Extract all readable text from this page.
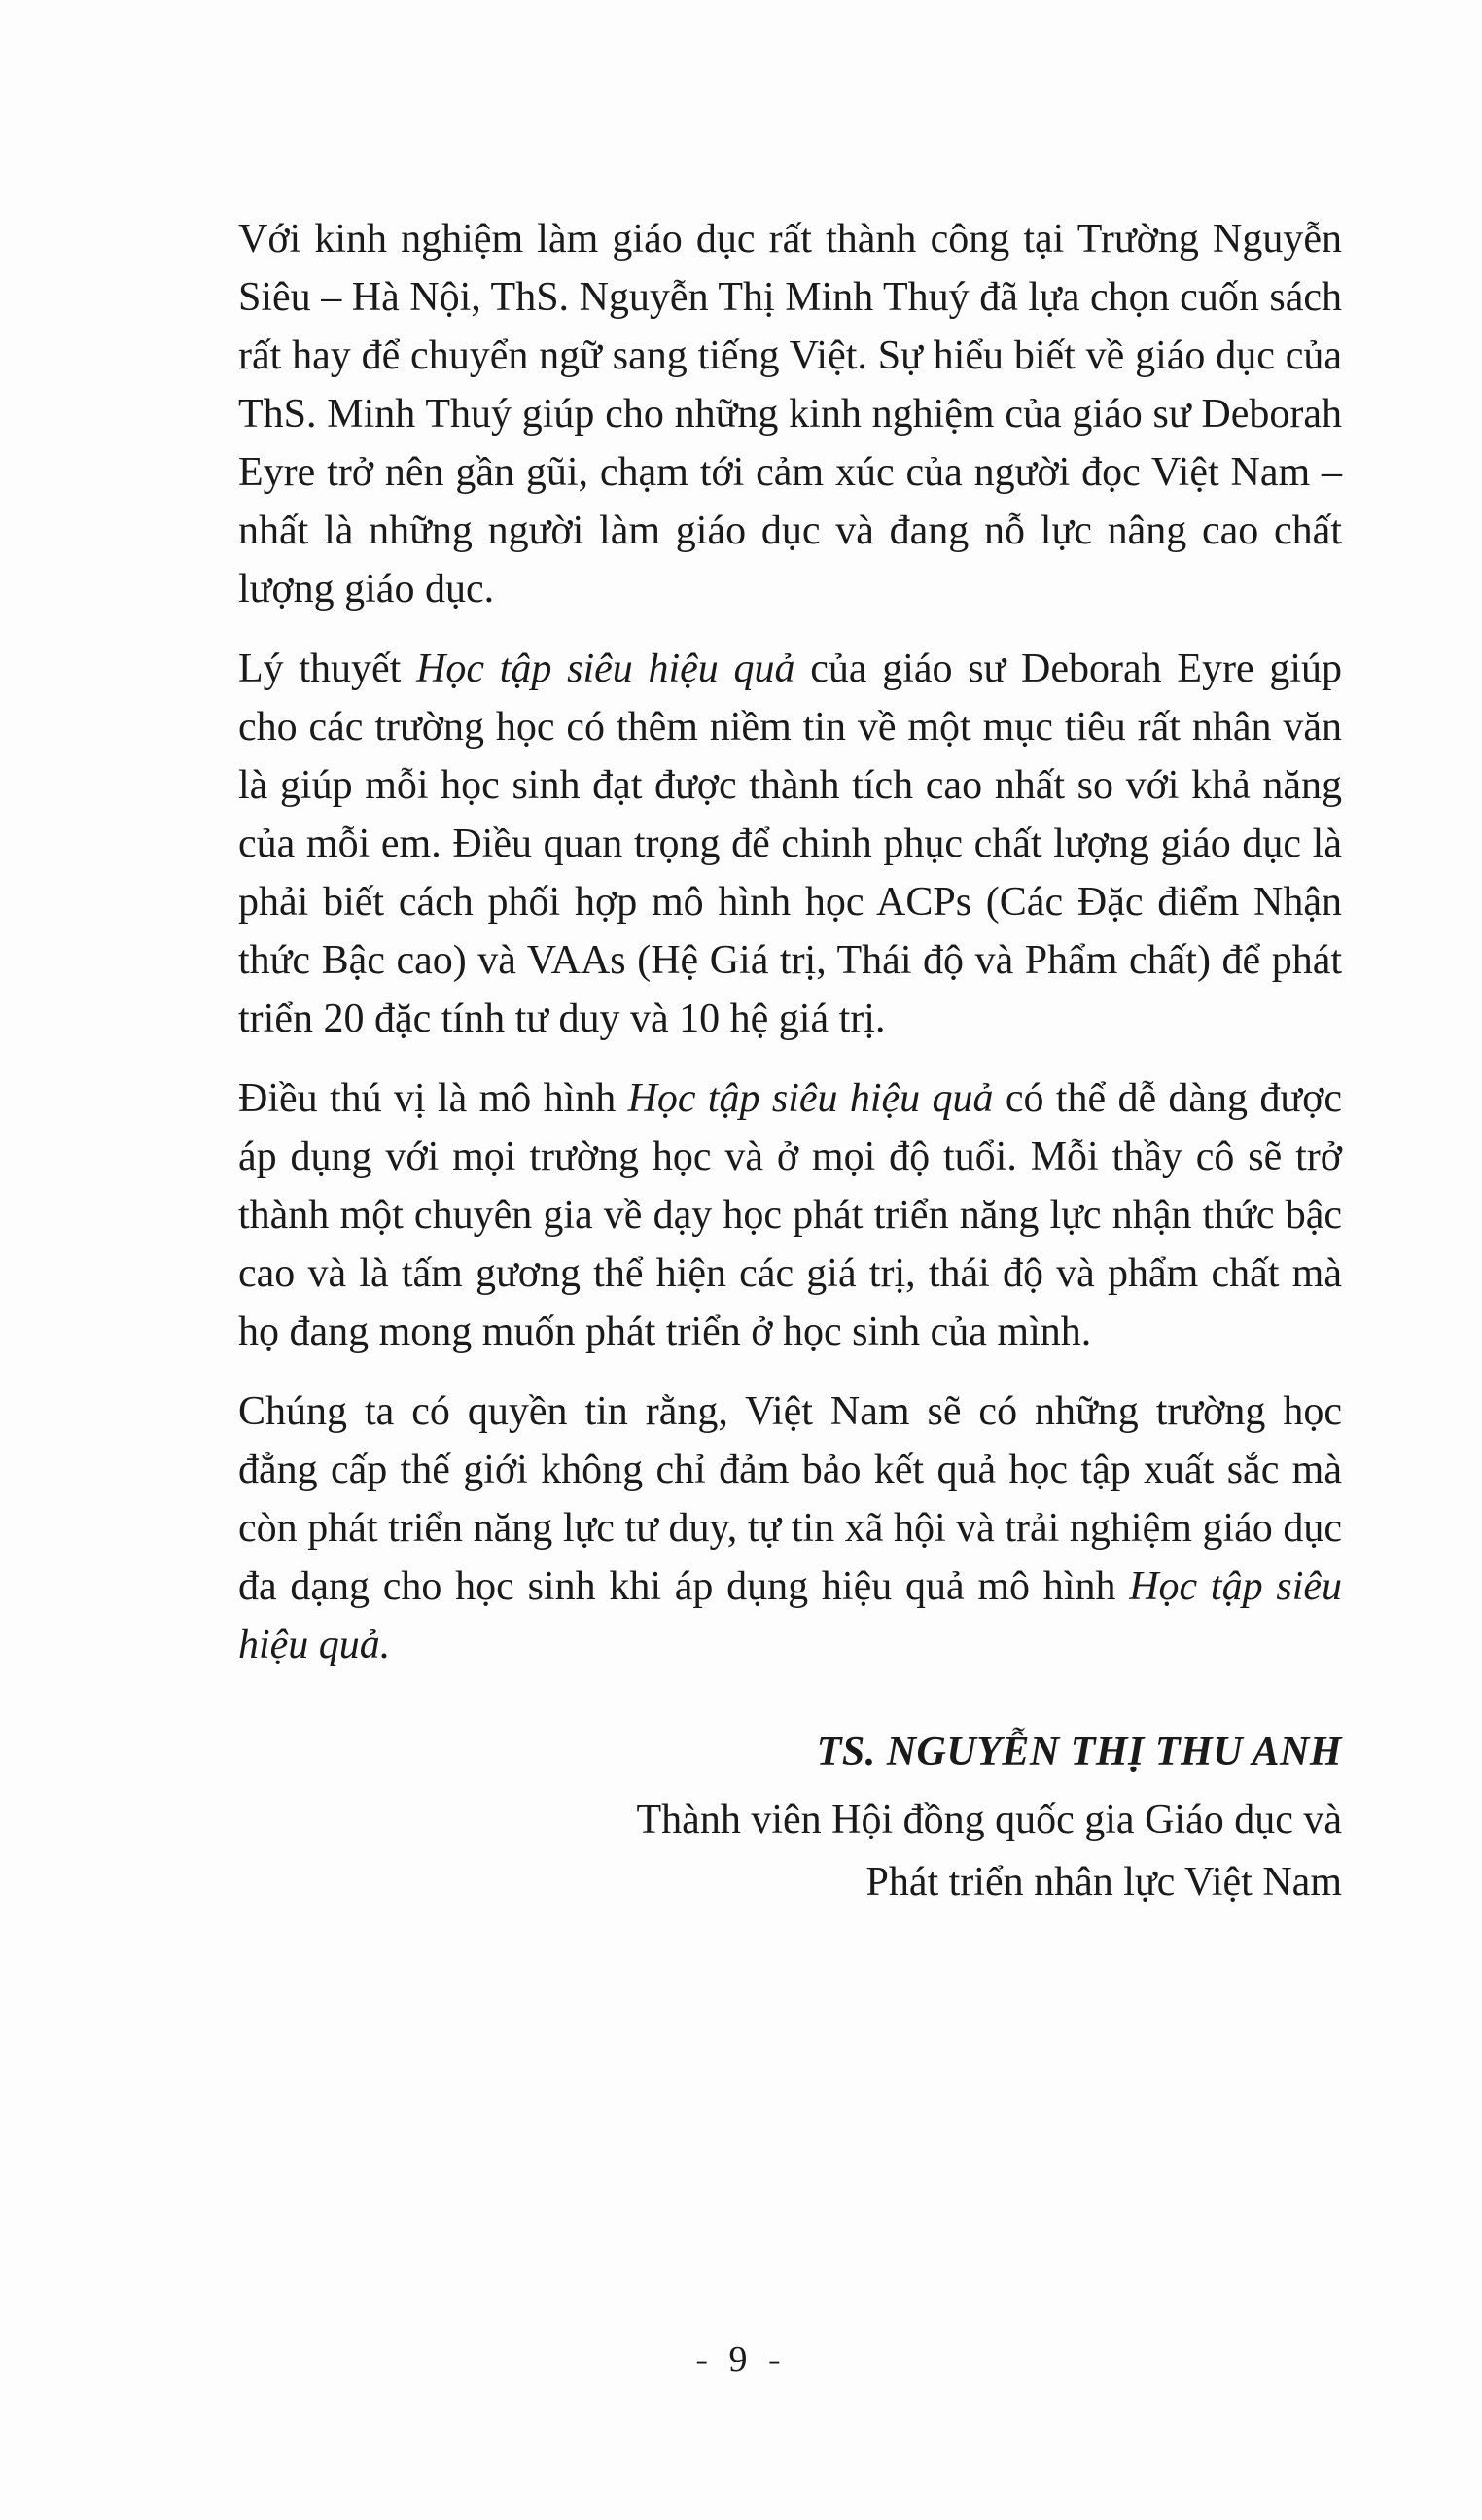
Với kinh nghiệm làm giáo dục rất thành công tại Trường Nguyễn Siêu – Hà Nội, ThS. Nguyễn Thị Minh Thuý đã lựa chọn cuốn sách rất hay để chuyển ngữ sang tiếng Việt. Sự hiểu biết về giáo dục của ThS. Minh Thuý giúp cho những kinh nghiệm của giáo sư Deborah Eyre trở nên gần gũi, chạm tới cảm xúc của người đọc Việt Nam – nhất là những người làm giáo dục và đang nỗ lực nâng cao chất lượng giáo dục.

Lý thuyết Học tập siêu hiệu quả của giáo sư Deborah Eyre giúp cho các trường học có thêm niềm tin về một mục tiêu rất nhân văn là giúp mỗi học sinh đạt được thành tích cao nhất so với khả năng của mỗi em. Điều quan trọng để chinh phục chất lượng giáo dục là phải biết cách phối hợp mô hình học ACPs (Các Đặc điểm Nhận thức Bậc cao) và VAAs (Hệ Giá trị, Thái độ và Phẩm chất) để phát triển 20 đặc tính tư duy và 10 hệ giá trị.

Điều thú vị là mô hình Học tập siêu hiệu quả có thể dễ dàng được áp dụng với mọi trường học và ở mọi độ tuổi. Mỗi thầy cô sẽ trở thành một chuyên gia về dạy học phát triển năng lực nhận thức bậc cao và là tấm gương thể hiện các giá trị, thái độ và phẩm chất mà họ đang mong muốn phát triển ở học sinh của mình.

Chúng ta có quyền tin rằng, Việt Nam sẽ có những trường học đẳng cấp thế giới không chỉ đảm bảo kết quả học tập xuất sắc mà còn phát triển năng lực tư duy, tự tin xã hội và trải nghiệm giáo dục đa dạng cho học sinh khi áp dụng hiệu quả mô hình Học tập siêu hiệu quả.

TS. NGUYỄN THỊ THU ANH
Thành viên Hội đồng quốc gia Giáo dục và
Phát triển nhân lực Việt Nam
- 9 -
